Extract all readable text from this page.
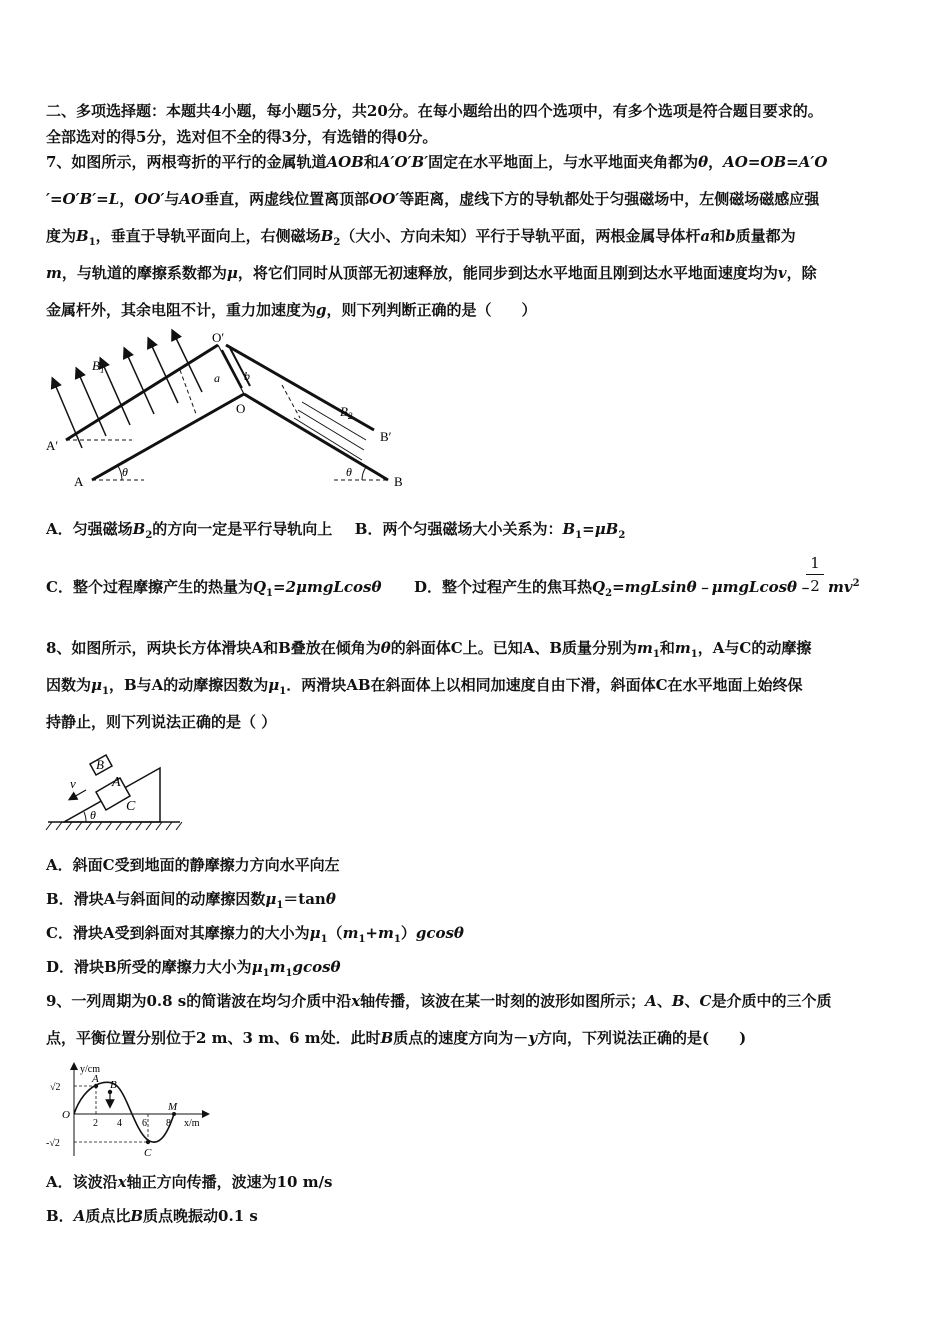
二、多项选择题：本题共4小题，每小题5分，共20分。在每小题给出的四个选项中，有多个选项是符合题目要求的。
全部选对的得5分，选对但不全的得3分，有选错的得0分。
7、如图所示，两根弯折的平行的金属轨道AOB和A′O′B′固定在水平地面上，与水平地面夹角都为θ，AO=OB=A′O
′=O′B′=L，OO′与AO垂直，两虚线位置离顶部OO′等距离，虚线下方的导轨都处于匀强磁场中，左侧磁场磁感应强
度为$B_1$，垂直于导轨平面向上，右侧磁场$B_2$（大小、方向未知）平行于导轨平面，两根金属导体杆a和b质量都为
m，与轨道的摩擦系数都为μ，将它们同时从顶部无初速释放，能同步到达水平地面且刚到达水平地面速度均为v，除
金属杆外，其余电阻不计，重力加速度为g，则下列判断正确的是（　　）
O′
O
A′
A
B′
B
$B_1$
$B_2$
a b
θ	θ
A．匀强磁场$B_2$的方向一定是平行导轨向上 B．两个匀强磁场大小关系为：$B_1=\mu B_2$
C．整个过程摩擦产生的热量为$Q_1=2\mu mgLcos\theta$ D．整个过程产生的焦耳热$Q_2=mgLsin\theta﹣\mu mgLcos\theta﹣$
1
2 $mv^2$
8、如图所示，两块长方体滑块A和B叠放在倾角为θ的斜面体C上。已知A、B质量分别为$m_1$和$m_1$，A与C的动摩擦
因数为$\mu_1$，B与A的动摩擦因数为$\mu_1$．两滑块AB在斜面体上以相同加速度自由下滑，斜面体C在水平地面上始终保
持静止，则下列说法正确的是（ ）
A
B
C
v
θ
A．斜面C受到地面的静摩擦力方向水平向左
B．滑块A与斜面间的动摩擦因数$\mu_1=\tan\theta$
C．滑块A受到斜面对其摩擦力的大小为$\mu_1(m_1+m_1)gcos\theta$
D．滑块B所受的摩擦力大小为$\mu_1m_1gcos\theta$
9、一列周期为0.8 s的简谐波在均匀介质中沿x轴传播，该波在某一时刻的波形如图所示；A、B、C是介质中的三个质
点，平衡位置分别位于2 m、3 m、6 m处．此时B质点的速度方向为－y方向，下列说法正确的是(　　)
y/cm
x/m
√2
-√2
O
2 4 6 8
A B
C
M
A．该波沿x轴正方向传播，波速为10 m/s
B．A质点比B质点晚振动0.1 s
